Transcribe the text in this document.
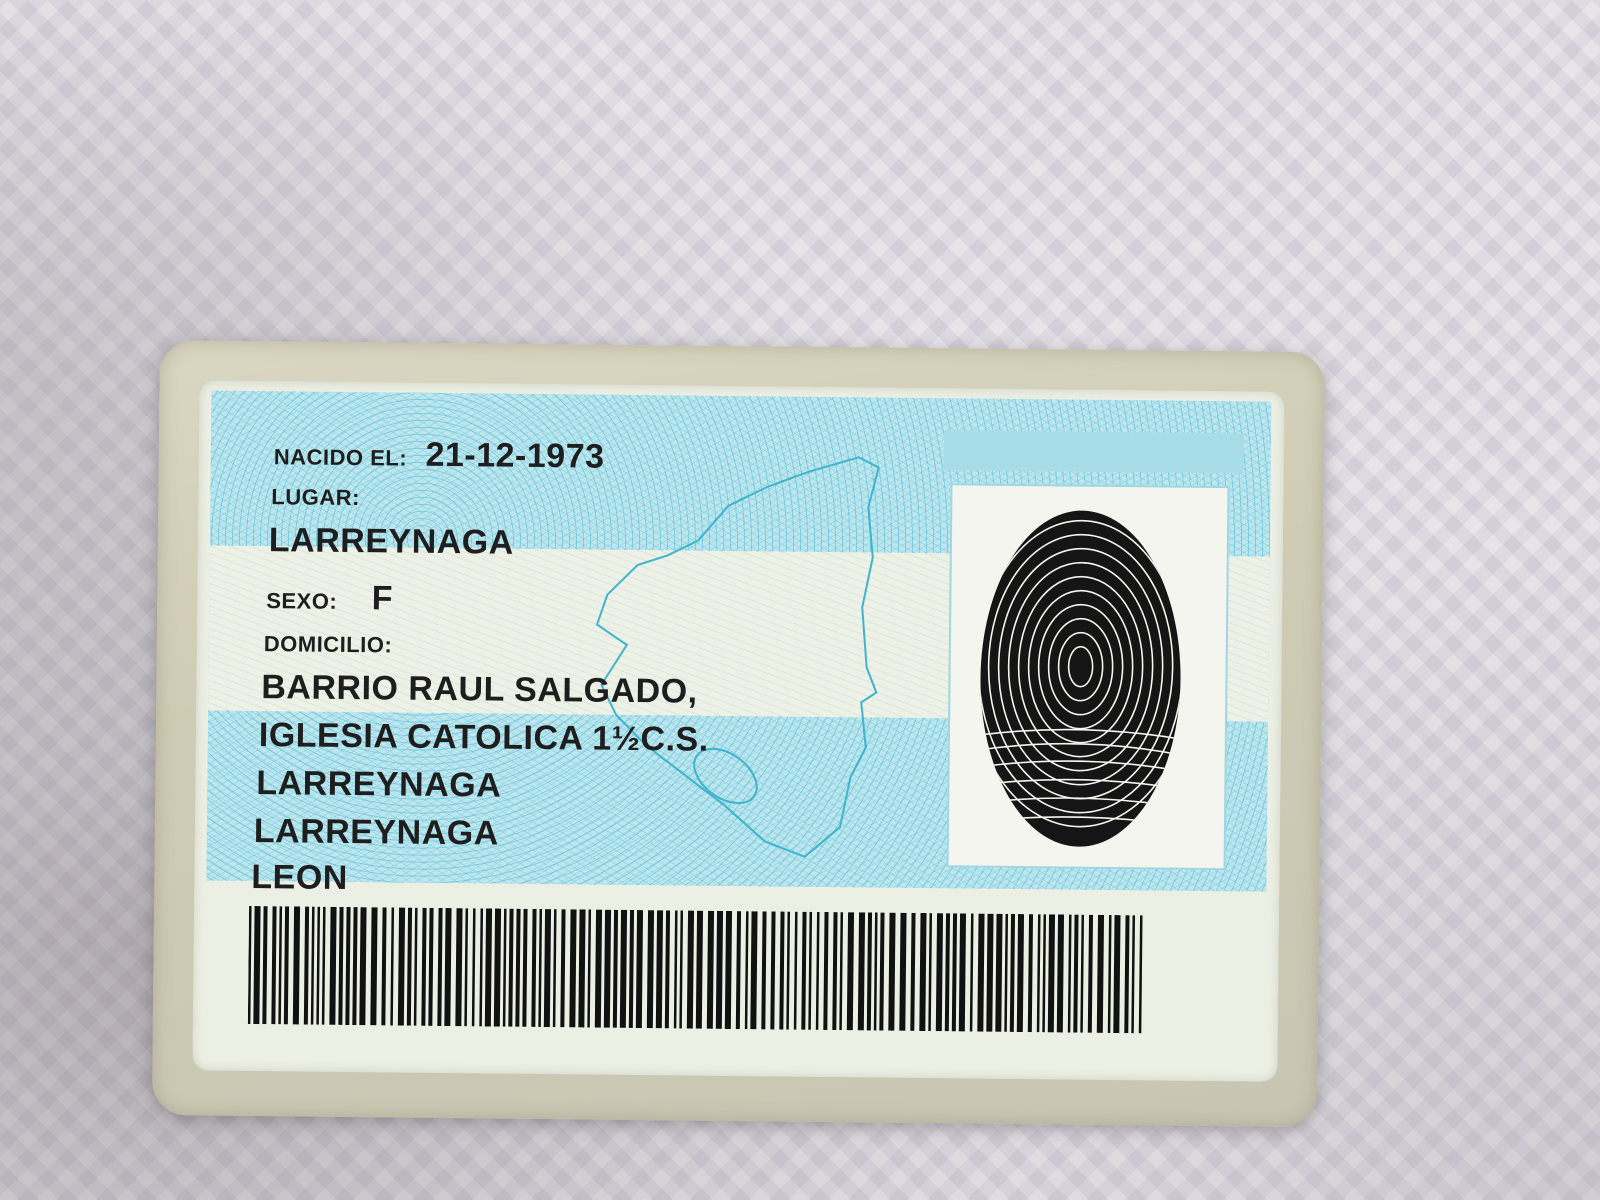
NACIDO EL: 21-12-1973
LUGAR:
LARREYNAGA
SEXO: F
DOMICILIO:
BARRIO RAUL SALGADO,
IGLESIA CATOLICA 1½C.S.
LARREYNAGA
LARREYNAGA
LEON
